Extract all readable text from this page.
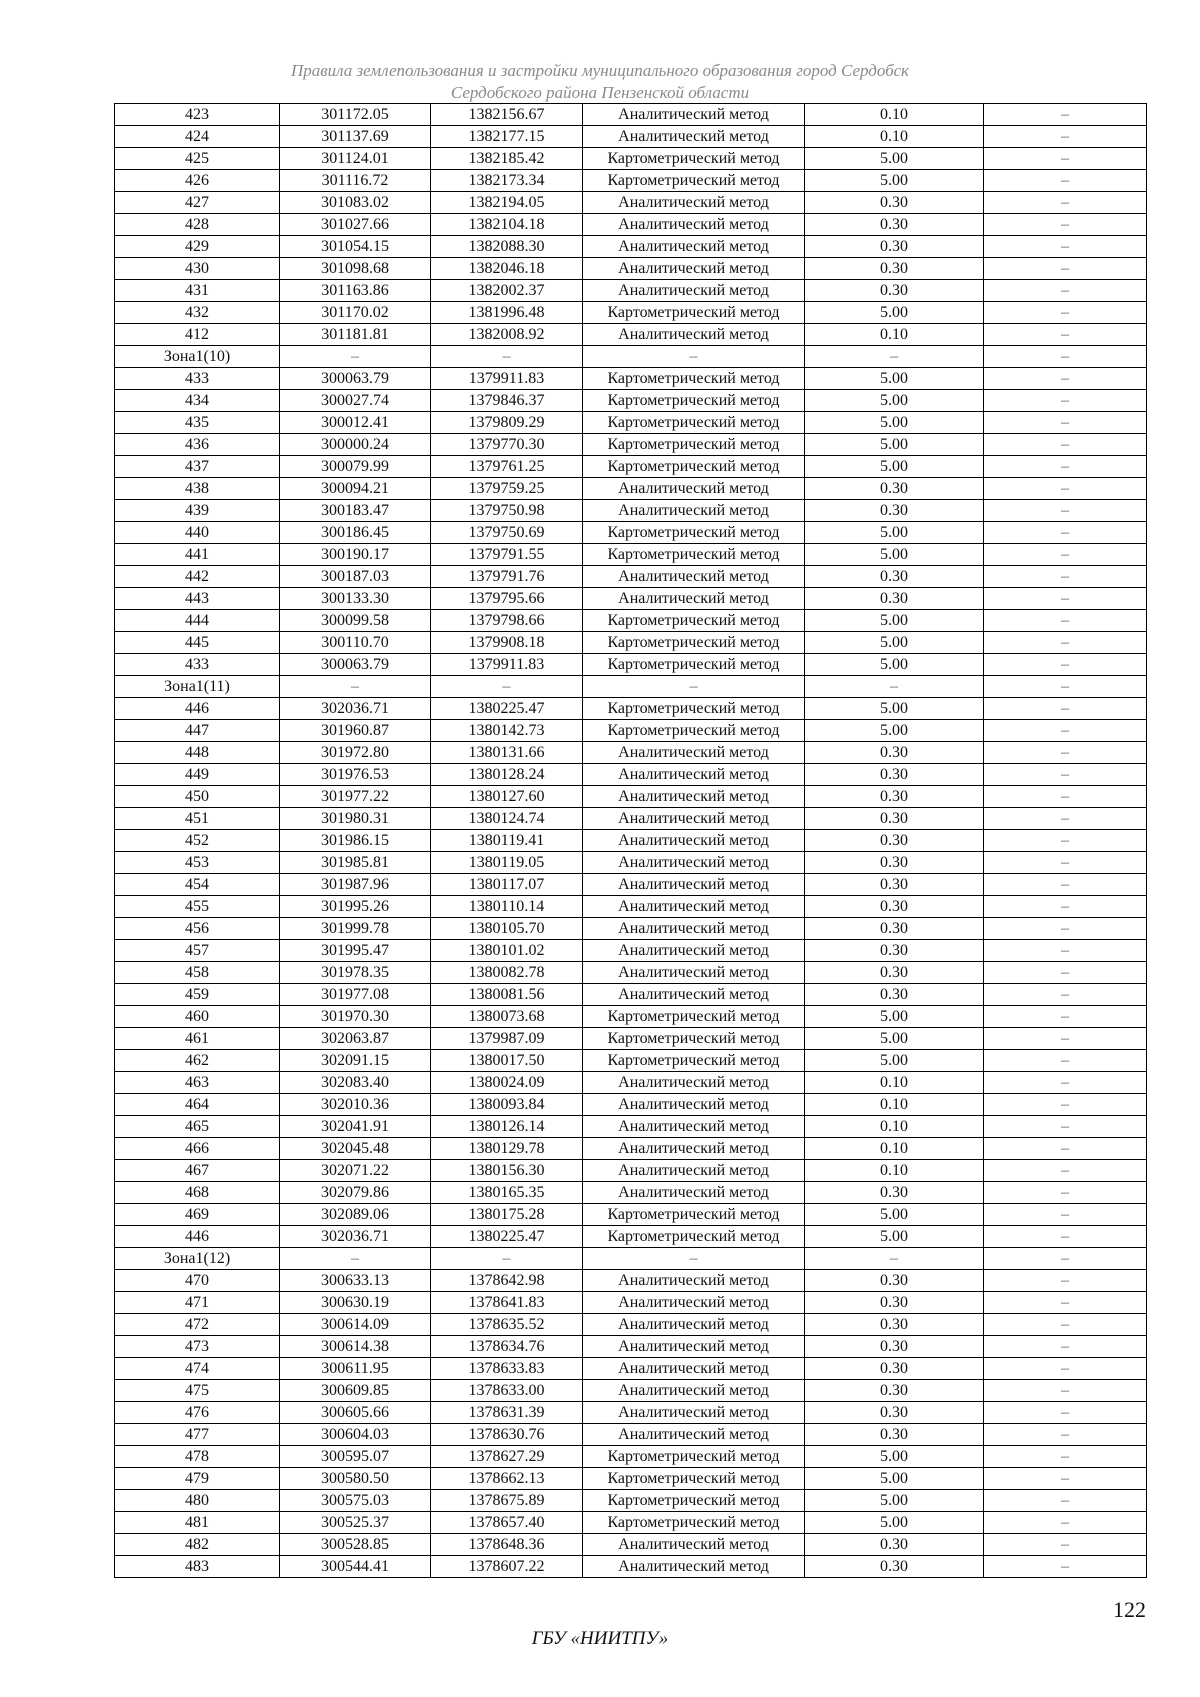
Правила землепользования и застройки муниципального образования город Сердобск
Сердобского района Пензенской области
423	301172.05	1382156.67	Аналитический метод	0.10	–
424	301137.69	1382177.15	Аналитический метод	0.10	–
425	301124.01	1382185.42	Картометрический метод	5.00	–
426	301116.72	1382173.34	Картометрический метод	5.00	–
427	301083.02	1382194.05	Аналитический метод	0.30	–
428	301027.66	1382104.18	Аналитический метод	0.30	–
429	301054.15	1382088.30	Аналитический метод	0.30	–
430	301098.68	1382046.18	Аналитический метод	0.30	–
431	301163.86	1382002.37	Аналитический метод	0.30	–
432	301170.02	1381996.48	Картометрический метод	5.00	–
412	301181.81	1382008.92	Аналитический метод	0.10	–
Зона1(10)	–	–	–	–	–
433	300063.79	1379911.83	Картометрический метод	5.00	–
434	300027.74	1379846.37	Картометрический метод	5.00	–
435	300012.41	1379809.29	Картометрический метод	5.00	–
436	300000.24	1379770.30	Картометрический метод	5.00	–
437	300079.99	1379761.25	Картометрический метод	5.00	–
438	300094.21	1379759.25	Аналитический метод	0.30	–
439	300183.47	1379750.98	Аналитический метод	0.30	–
440	300186.45	1379750.69	Картометрический метод	5.00	–
441	300190.17	1379791.55	Картометрический метод	5.00	–
442	300187.03	1379791.76	Аналитический метод	0.30	–
443	300133.30	1379795.66	Аналитический метод	0.30	–
444	300099.58	1379798.66	Картометрический метод	5.00	–
445	300110.70	1379908.18	Картометрический метод	5.00	–
433	300063.79	1379911.83	Картометрический метод	5.00	–
Зона1(11)	–	–	–	–	–
446	302036.71	1380225.47	Картометрический метод	5.00	–
447	301960.87	1380142.73	Картометрический метод	5.00	–
448	301972.80	1380131.66	Аналитический метод	0.30	–
449	301976.53	1380128.24	Аналитический метод	0.30	–
450	301977.22	1380127.60	Аналитический метод	0.30	–
451	301980.31	1380124.74	Аналитический метод	0.30	–
452	301986.15	1380119.41	Аналитический метод	0.30	–
453	301985.81	1380119.05	Аналитический метод	0.30	–
454	301987.96	1380117.07	Аналитический метод	0.30	–
455	301995.26	1380110.14	Аналитический метод	0.30	–
456	301999.78	1380105.70	Аналитический метод	0.30	–
457	301995.47	1380101.02	Аналитический метод	0.30	–
458	301978.35	1380082.78	Аналитический метод	0.30	–
459	301977.08	1380081.56	Аналитический метод	0.30	–
460	301970.30	1380073.68	Картометрический метод	5.00	–
461	302063.87	1379987.09	Картометрический метод	5.00	–
462	302091.15	1380017.50	Картометрический метод	5.00	–
463	302083.40	1380024.09	Аналитический метод	0.10	–
464	302010.36	1380093.84	Аналитический метод	0.10	–
465	302041.91	1380126.14	Аналитический метод	0.10	–
466	302045.48	1380129.78	Аналитический метод	0.10	–
467	302071.22	1380156.30	Аналитический метод	0.10	–
468	302079.86	1380165.35	Аналитический метод	0.30	–
469	302089.06	1380175.28	Картометрический метод	5.00	–
446	302036.71	1380225.47	Картометрический метод	5.00	–
Зона1(12)	–	–	–	–	–
470	300633.13	1378642.98	Аналитический метод	0.30	–
471	300630.19	1378641.83	Аналитический метод	0.30	–
472	300614.09	1378635.52	Аналитический метод	0.30	–
473	300614.38	1378634.76	Аналитический метод	0.30	–
474	300611.95	1378633.83	Аналитический метод	0.30	–
475	300609.85	1378633.00	Аналитический метод	0.30	–
476	300605.66	1378631.39	Аналитический метод	0.30	–
477	300604.03	1378630.76	Аналитический метод	0.30	–
478	300595.07	1378627.29	Картометрический метод	5.00	–
479	300580.50	1378662.13	Картометрический метод	5.00	–
480	300575.03	1378675.89	Картометрический метод	5.00	–
481	300525.37	1378657.40	Картометрический метод	5.00	–
482	300528.85	1378648.36	Аналитический метод	0.30	–
483	300544.41	1378607.22	Аналитический метод	0.30	–
122
ГБУ «НИИТПУ»
